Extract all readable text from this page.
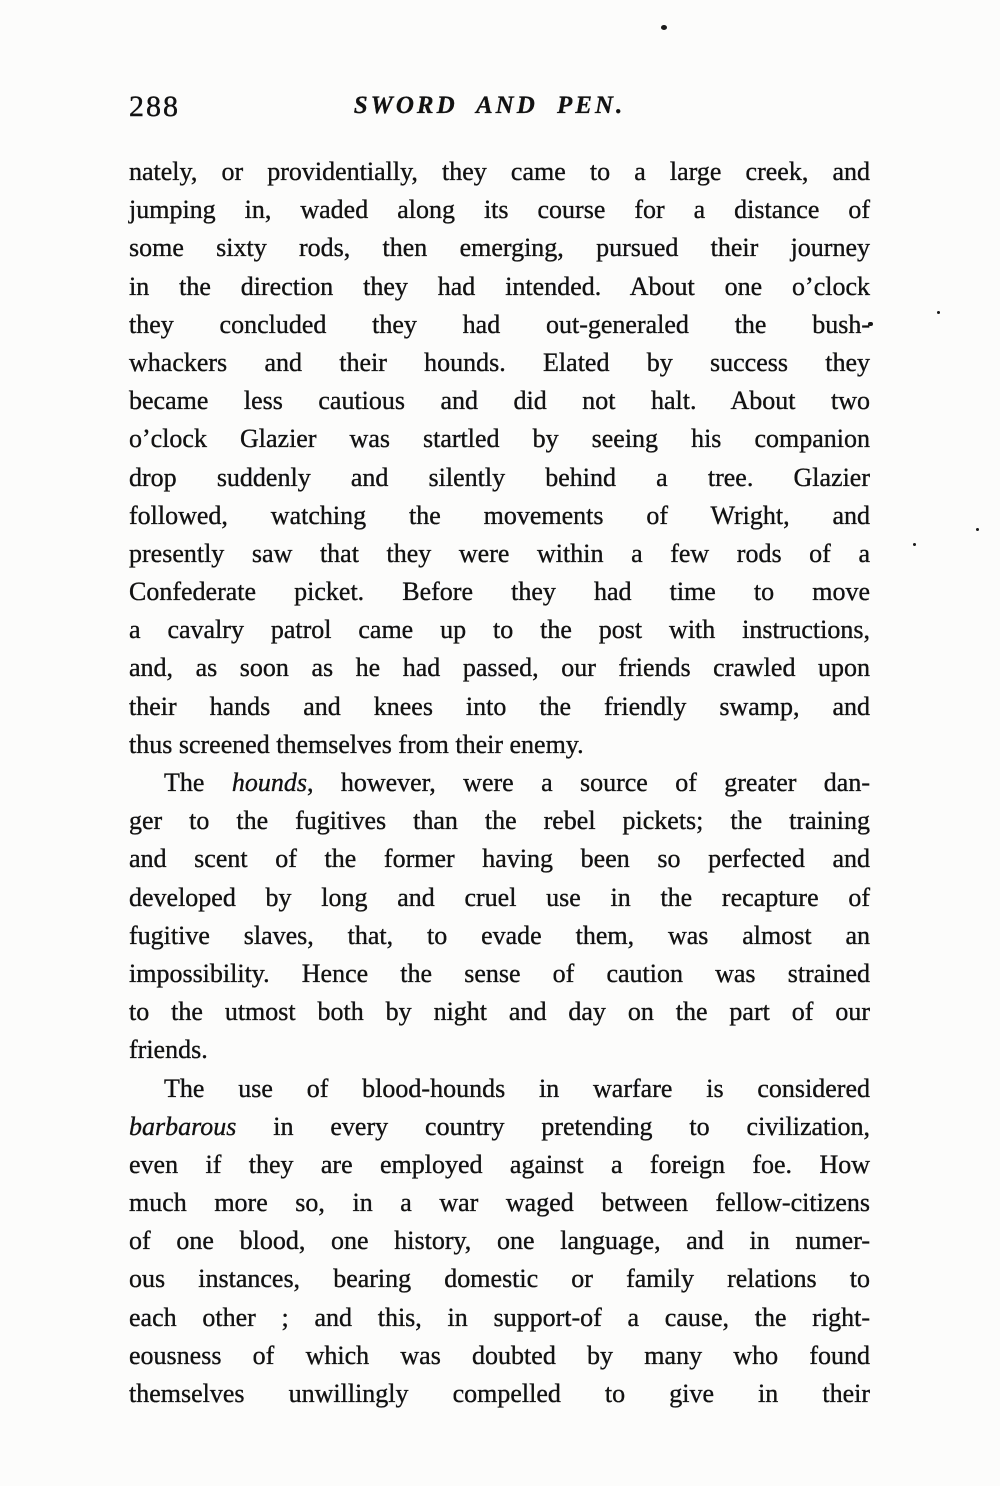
288	SWORD AND PEN.
nately, or providentially, they came to a large creek, and
jumping in, waded along its course for a distance of
some sixty rods, then emerging, pursued their journey
in the direction they had intended. About one o’clock
they concluded they had out-generaled the bush-
whackers and their hounds. Elated by success they
became less cautious and did not halt. About two
o’clock Glazier was startled by seeing his companion
drop suddenly and silently behind a tree. Glazier
followed, watching the movements of Wright, and
presently saw that they were within a few rods of a
Confederate picket. Before they had time to move
a cavalry patrol came up to the post with instructions,
and, as soon as he had passed, our friends crawled upon
their hands and knees into the friendly swamp, and
thus screened themselves from their enemy.
The hounds, however, were a source of greater dan-
ger to the fugitives than the rebel pickets; the training
and scent of the former having been so perfected and
developed by long and cruel use in the recapture of
fugitive slaves, that, to evade them, was almost an
impossibility. Hence the sense of caution was strained
to the utmost both by night and day on the part of our
friends.
The use of blood-hounds in warfare is considered
barbarous in every country pretending to civilization,
even if they are employed against a foreign foe. How
much more so, in a war waged between fellow-citizens
of one blood, one history, one language, and in numer-
ous instances, bearing domestic or family relations to
each other ; and this, in support-of a cause, the right-
eousness of which was doubted by many who found
themselves unwillingly compelled to give in their
